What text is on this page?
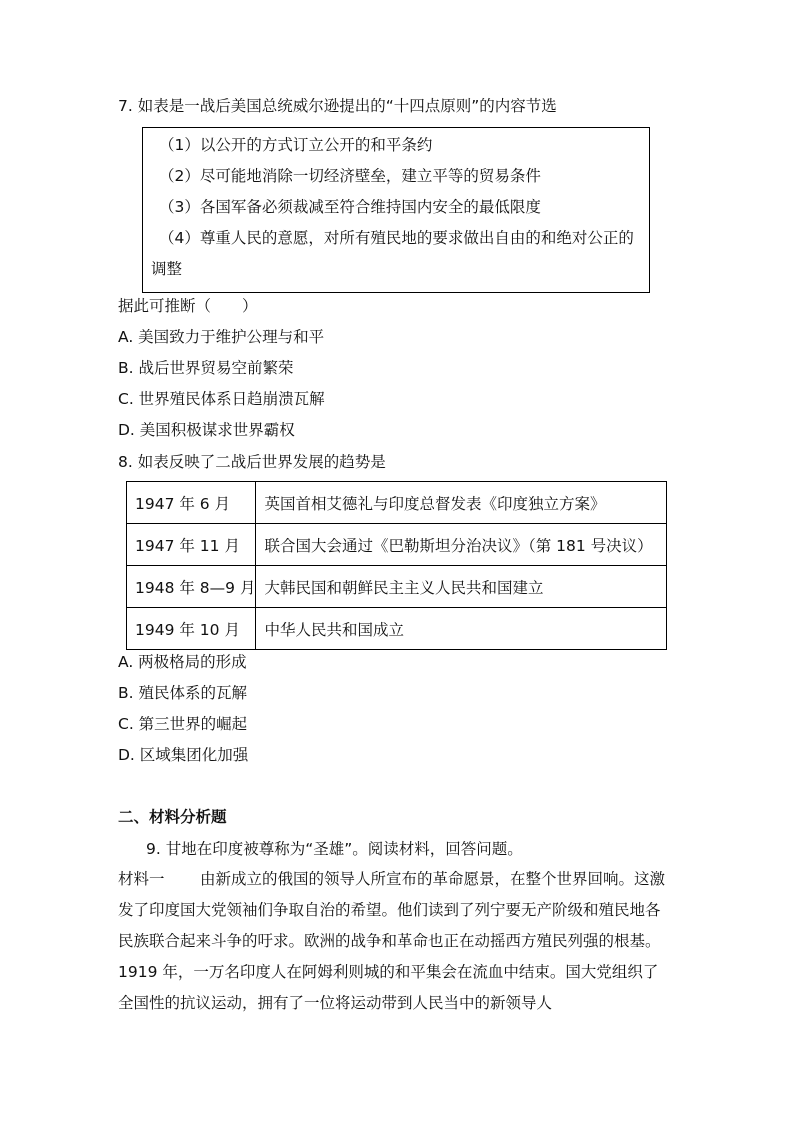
7. 如表是一战后美国总统威尔逊提出的“十四点原则”的内容节选
（1）以公开的方式订立公开的和平条约
（2）尽可能地消除一切经济壁垒，建立平等的贸易条件
（3）各国军备必须裁减至符合维持国内安全的最低限度
（4）尊重人民的意愿，对所有殖民地的要求做出自由的和绝对公正的
调整
据此可推断（　　）
A. 美国致力于维护公理与和平
B. 战后世界贸易空前繁荣
C. 世界殖民体系日趋崩溃瓦解
D. 美国积极谋求世界霸权
8. 如表反映了二战后世界发展的趋势是
1947 年 6 月	英国首相艾德礼与印度总督发表《印度独立方案》
1947 年 11 月	联合国大会通过《巴勒斯坦分治决议》（第 181 号决议）
1948 年 8—9 月	大韩民国和朝鲜民主主义人民共和国建立
1949 年 10 月	中华人民共和国成立
A. 两极格局的形成
B. 殖民体系的瓦解
C. 第三世界的崛起
D. 区域集团化加强
二、材料分析题
9. 甘地在印度被尊称为“圣雄”。阅读材料，回答问题。
材料一 由新成立的俄国的领导人所宣布的革命愿景，在整个世界回响。这激
发了印度国大党领袖们争取自治的希望。他们读到了列宁要无产阶级和殖民地各
民族联合起来斗争的吁求。欧洲的战争和革命也正在动摇西方殖民列强的根基。
1919 年，一万名印度人在阿姆利则城的和平集会在流血中结束。国大党组织了
全国性的抗议运动，拥有了一位将运动带到人民当中的新领导人
